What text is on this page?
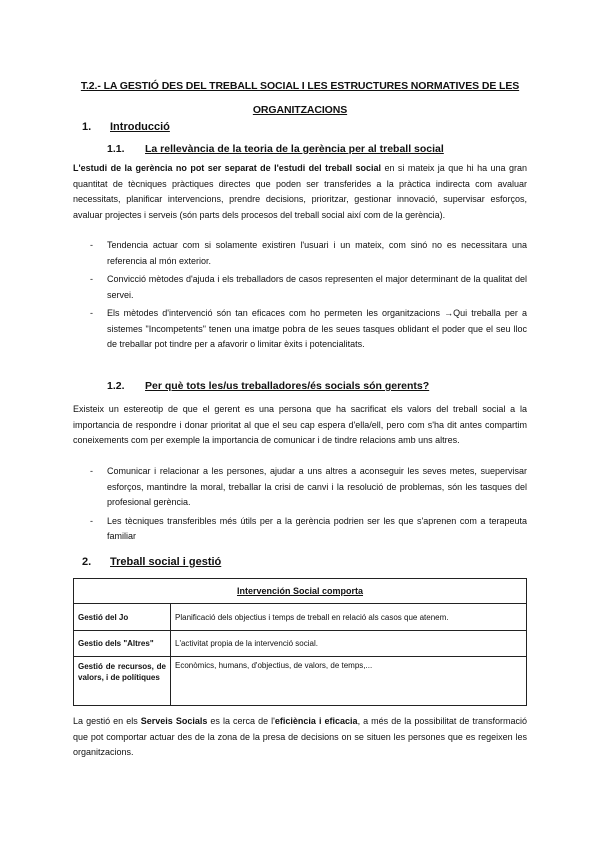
T.2.- LA GESTIÓ DES DEL TREBALL SOCIAL I LES ESTRUCTURES NORMATIVES DE LES ORGANITZACIONS
1. Introducció
1.1. La rellevància de la teoria de la gerència per al treball social
L'estudi de la gerència no pot ser separat de l'estudi del treball social en si mateix ja que hi ha una gran quantitat de tècniques pràctiques directes que poden ser transferides a la pràctica indirecta com avaluar necessitats, planificar intervencions, prendre decisions, prioritzar, gestionar innovació, supervisar esforços, avaluar projectes i serveis (són parts dels procesos del treball social així com de la gerència).
- Tendencia actuar com si solamente existiren l'usuari i un mateix, com sinó no es necessitara una referencia al món exterior.
- Convicció mètodes d'ajuda i els treballadors de casos representen el major determinant de la qualitat del servei.
- Els mètodes d'intervenció són tan eficaces com ho permeten les organitzacions →Qui treballa per a sistemes "Incompetents" tenen una imatge pobra de les seues tasques oblidant el poder que el seu lloc de treballar pot tindre per a afavorir o limitar èxits i potencialitats.
1.2. Per què tots les/us treballadores/és socials són gerents?
Existeix un estereotip de que el gerent es una persona que ha sacrificat els valors del treball social a la importancia de respondre i donar prioritat al que el seu cap espera d'ella/ell, pero com s'ha dit antes compartim coneixements com per exemple la importancia de comunicar i de tindre relacions amb uns altres.
- Comunicar i relacionar a les persones, ajudar a uns altres a aconseguir les seves metes, suepervisar esforços, mantindre la moral, treballar la crisi de canvi i la resolució de problemas, són les tasques del profesional gerència.
- Les tècniques transferibles més útils per a la gerència podrien ser les que s'aprenen com a terapeuta familiar
2. Treball social i gestió
Intervención Social comporta	
Gestió del Jo	Planificació dels objectius i temps de treball en relació als casos que atenem.
Gestio dels "Altres"	L'activitat propia de la intervenció social.
Gestió de recursos, de valors, i de polítiques	Econòmics, humans, d'objectius, de valors, de temps,...
La gestió en els Serveis Socials es la cerca de l'eficiència i eficacia, a més de la possibilitat de transformació que pot comportar actuar des de la zona de la presa de decisions on se situen les persones que es regeixen les organitzacions.
